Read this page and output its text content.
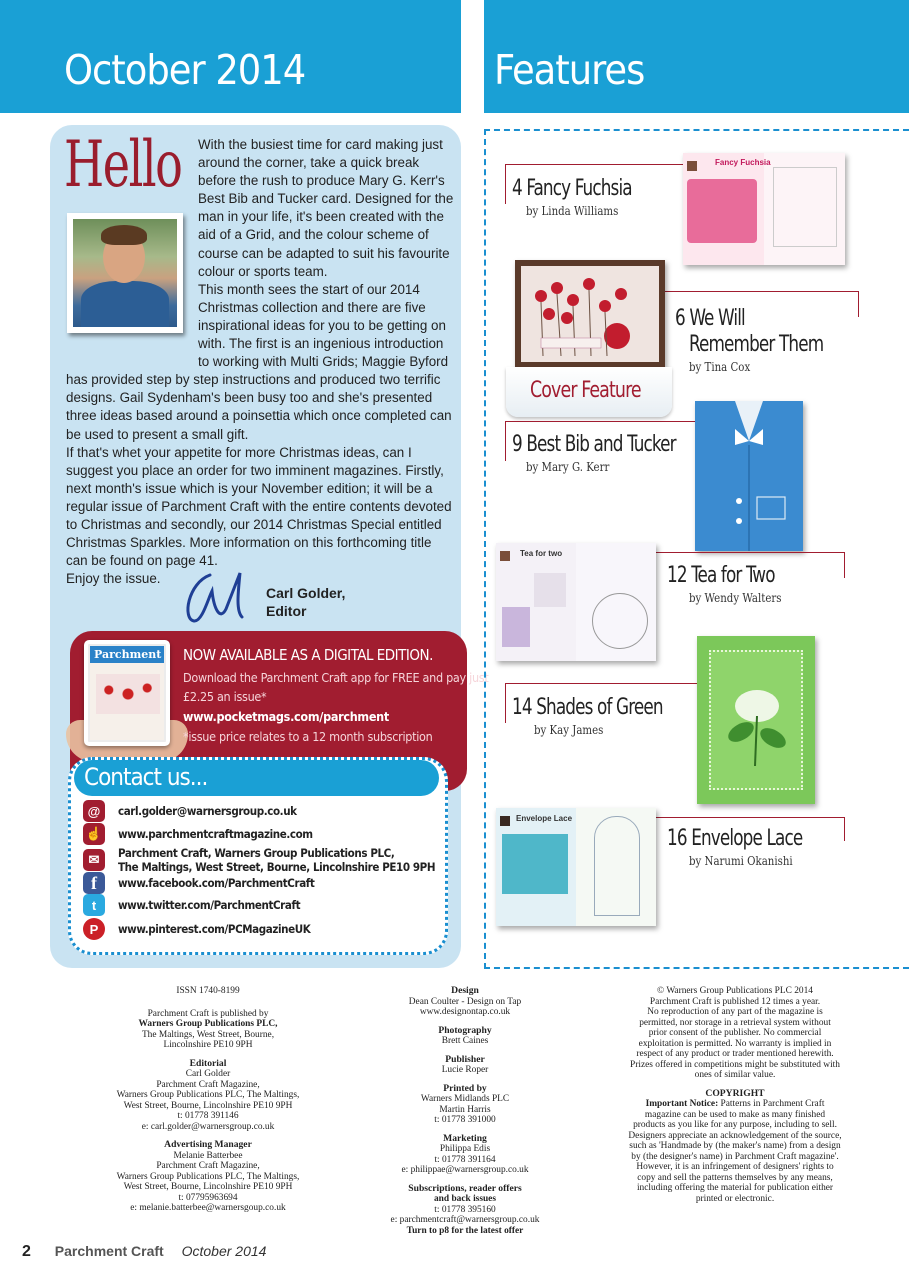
October 2014	Features
Hello	With the busiest time for card making just around the corner, take a quick break before the rush to produce Mary G. Kerr's Best Bib and Tucker card. Designed for the man in your life, it's been created with the aid of a Grid, and the colour scheme of course can be adapted to suit his favourite colour or sports team.

This month sees the start of our 2014 Christmas collection and there are five inspirational ideas for you to be getting on with. The first is an ingenious introduction to working with Multi Grids; Maggie Byford has provided step by step instructions and produced two terrific designs. Gail Sydenham's been busy too and she's presented three ideas based around a poinsettia which once completed can be used to present a small gift.

If that's whet your appetite for more Christmas ideas, can I suggest you place an order for two imminent magazines. Firstly, next month's issue which is your November edition; it will be a regular issue of Parchment Craft with the entire contents devoted to Christmas and secondly, our 2014 Christmas Special entitled Christmas Sparkles. More information on this forthcoming title can be found on page 41.

Enjoy the issue.

Carl Golder,
Editor
Parchment NOW AVAILABLE AS A DIGITAL EDITION.
Download the Parchment Craft app for FREE and pay just
£2.25 an issue*
www.pocketmags.com/parchment
*issue price relates to a 12 month subscription
Contact us...
@	carl.golder@warnersgroup.co.uk
☝ www.parchmentcraftmagazine.com
✉	Parchment Craft, Warners Group Publications PLC,
The Maltings, West Street, Bourne, Lincolnshire PE10 9PH
f	www.facebook.com/ParchmentCraft
t	www.twitter.com/ParchmentCraft
P	www.pinterest.com/PCMagazineUK
Fancy Fuchsia
4 Fancy Fuchsia
by Linda Williams
Cover Feature
6 We Will
Remember Them
by Tina Cox
9 Best Bib and Tucker
by Mary G. Kerr
Tea for two
12 Tea for Two
by Wendy Walters
14 Shades of Green
by Kay James
Envelope Lace
16 Envelope Lace
by Narumi Okanishi

ISSN 1740-8199

Parchment Craft is published by

Warners Group Publications PLC,

The Maltings, West Street, Bourne,

Lincolnshire PE10 9PH

Editorial

Carl Golder

Parchment Craft Magazine,

Warners Group Publications PLC, The Maltings,

West Street, Bourne, Lincolnshire PE10 9PH

t: 01778 391146

e: carl.golder@warnersgroup.co.uk

Advertising Manager

Melanie Batterbee

Parchment Craft Magazine,

Warners Group Publications PLC, The Maltings,

West Street, Bourne, Lincolnshire PE10 9PH

t: 07795963694

e: melanie.batterbee@warnersgoup.co.uk

Design

Dean Coulter - Design on Tap

www.designontap.co.uk

Photography

Brett Caines

Publisher

Lucie Roper

Printed by

Warners Midlands PLC

Martin Harris

t: 01778 391000

Marketing

Philippa Edis

t: 01778 391164

e: philippae@warnersgroup.co.uk

Subscriptions, reader offers

and back issues

t: 01778 395160

e: parchmentcraft@warnersgroup.co.uk

Turn to p8 for the latest offer

© Warners Group Publications PLC 2014

Parchment Craft is published 12 times a year.

No reproduction of any part of the magazine is

permitted, nor storage in a retrieval system without

prior consent of the publisher. No commercial

exploitation is permitted. No warranty is implied in

respect of any product or trader mentioned herewith.

Prizes offered in competitions might be substituted with

ones of similar value.

COPYRIGHT

Important Notice: Patterns in Parchment Craft

magazine can be used to make as many finished

products as you like for any purpose, including to sell.

Designers appreciate an acknowledgement of the source,

such as 'Handmade by (the maker's name) from a design

by (the designer's name) in Parchment Craft magazine'.

However, it is an infringement of designers' rights to

copy and sell the patterns themselves by any means,

including offering the material for publication either

printed or electronic.

2 Parchment Craft October 2014
